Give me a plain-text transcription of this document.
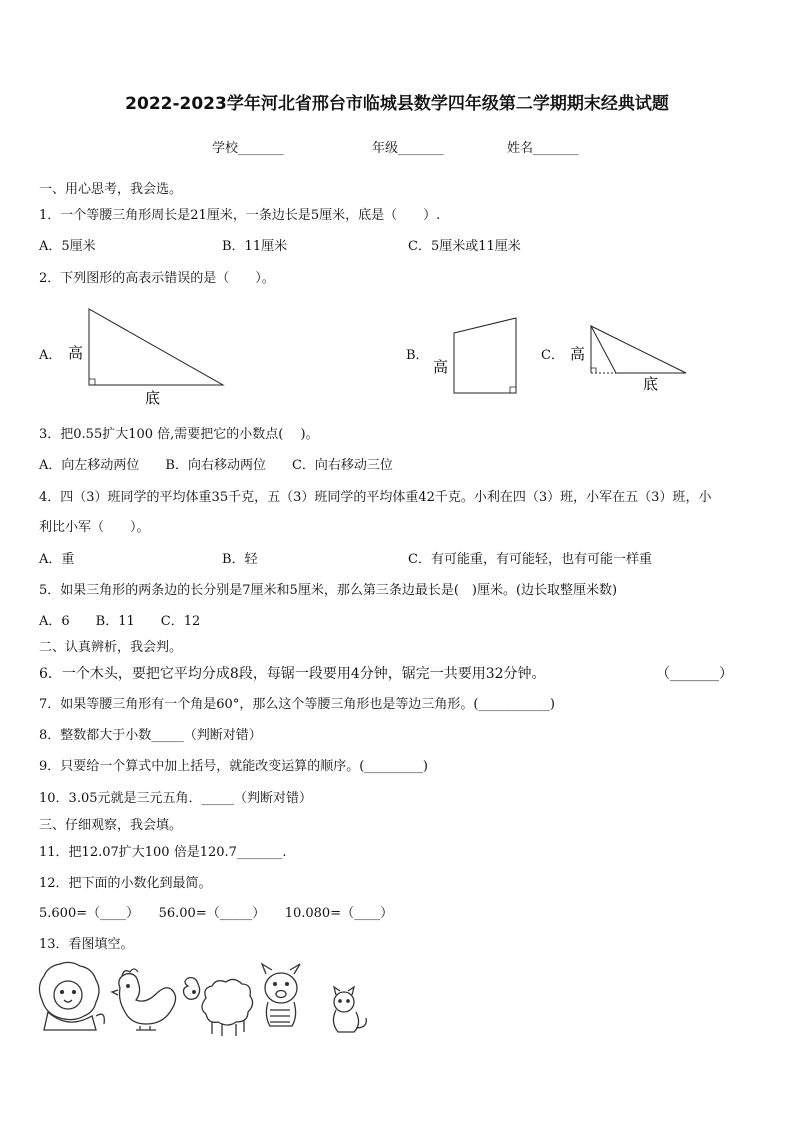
2022-2023学年河北省邢台市临城县数学四年级第二学期期末经典试题
学校_______	年级_______	姓名_______
一、用心思考，我会选。
1．一个等腰三角形周长是21厘米，一条边长是5厘米，底是（　　）.
A．5厘米	B．11厘米	C．5厘米或11厘米
2．下列图形的高表示错误的是（　　）。
A． 高
底
B．
高
C． 高
底
3．把0.55扩大100 倍,需要把它的小数点(　 )。
A．向左移动两位　　B．向右移动两位　　C．向右移动三位
4．四（3）班同学的平均体重35千克，五（3）班同学的平均体重42千克。小利在四（3）班，小军在五（3）班，小
利比小军（　　）。
A．重	B．轻	C．有可能重，有可能轻，也有可能一样重
5．如果三角形的两条边的长分别是7厘米和5厘米，那么第三条边最长是(　)厘米。(边长取整厘米数)
A．6　　B．11　　C．12
二、认真辨析，我会判。
6．一个木头，要把它平均分成8段，每锯一段要用4分钟，锯完一共要用32分钟。	（_______）
7．如果等腰三角形有一个角是60°，那么这个等腰三角形也是等边三角形。(___________)
8．整数都大于小数_____（判断对错）
9．只要给一个算式中加上括号，就能改变运算的顺序。(_________)
10．3.05元就是三元五角．_____（判断对错）
三、仔细观察，我会填。
11．把12.07扩大100 倍是120.7_______.
12．把下面的小数化到最简。
5.600=（____）　　56.00=（_____）　　10.080=（____）
13．看图填空。
